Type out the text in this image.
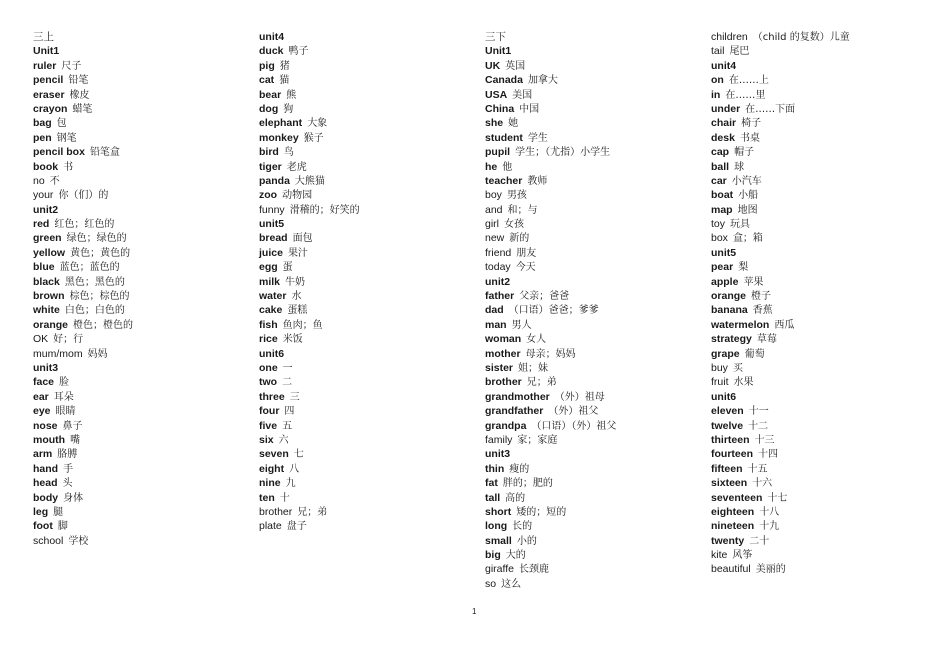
三上
Unit1
ruler 尺子
pencil 铅笔
eraser 橡皮
crayon 蜡笔
bag 包
pen 钢笔
pencil box 铅笔盒
book 书
no 不
your 你（们）的
unit2
red 红色；红色的
green 绿色；绿色的
yellow 黄色；黄色的
blue 蓝色；蓝色的
black 黑色；黑色的
brown 棕色；棕色的
white 白色；白色的
orange 橙色；橙色的
OK 好；行
mum/mom 妈妈
unit3
face 脸
ear 耳朵
eye 眼睛
nose 鼻子
mouth 嘴
arm 胳膊
hand 手
head 头
body 身体
leg 腿
foot 脚
school 学校
unit4
duck 鸭子
pig 猪
cat 猫
bear 熊
dog 狗
elephant 大象
monkey 猴子
bird 鸟
tiger 老虎
panda 大熊猫
zoo 动物园
funny 滑稽的；好笑的
unit5
bread 面包
juice 果汁
egg 蛋
milk 牛奶
water 水
cake 蛋糕
fish 鱼肉；鱼
rice 米饭
unit6
one 一
two 二
three 三
four 四
five 五
six 六
seven 七
eight 八
nine 九
ten 十
brother 兄；弟
plate 盘子
三下
Unit1
UK 英国
Canada 加拿大
USA 美国
China 中国
she 她
student 学生
pupil 学生；（尤指）小学生
he 他
teacher 教师
boy 男孩
and 和；与
girl 女孩
new 新的
friend 朋友
today 今天
unit2
father 父亲；爸爸
dad （口语）爸爸；爹爹
man 男人
woman 女人
mother 母亲；妈妈
sister 姐；妹
brother 兄；弟
grandmother （外）祖母
grandfather （外）祖父
grandpa （口语）（外）祖父
family 家；家庭
unit3
thin 瘦的
fat 胖的；肥的
tall 高的
short 矮的；短的
long 长的
small 小的
big 大的
giraffe 长颈鹿
so 这么
children （child 的复数）儿童
tail 尾巴
unit4
on 在……上
in 在……里
under 在……下面
chair 椅子
desk 书桌
cap 帽子
ball 球
car 小汽车
boat 小船
map 地图
toy 玩具
box 盒；箱
unit5
pear 梨
apple 苹果
orange 橙子
banana 香蕉
watermelon 西瓜
strategy 草莓
grape 葡萄
buy 买
fruit 水果
unit6
eleven 十一
twelve 十二
thirteen 十三
fourteen 十四
fifteen 十五
sixteen 十六
seventeen 十七
eighteen 十八
nineteen 十九
twenty 二十
kite 风筝
beautiful 美丽的
1
